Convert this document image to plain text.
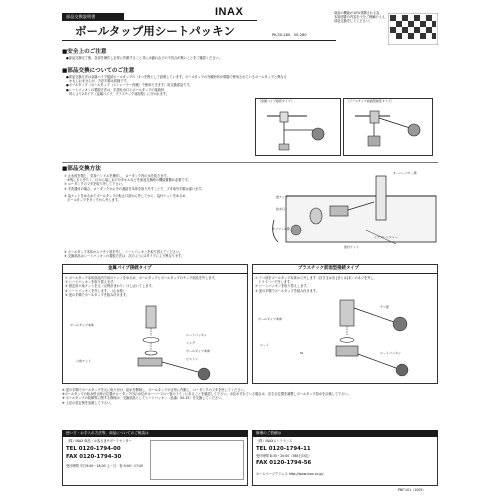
部品交換説明書	INAX
ボールタップ用シートパッキン	PK-50-280、50-280
商品の機能が10%発揮される為、
本説明書の内容を十分ご理解のうえ、
部品交換をしてください。
■安全上のご注意
●部品交換完了後、各部を操作し正常に作動すること共に水漏れなどの不具合が無いことをご確認ください。
■部品交換についてのご注意
●部品交換方法は金属パイプ接続ボールタップの（1つを例として説明しています。ボールタップの外観形状が現場で使用されているボールタップと異なる
　かもしれませんが、方法手順は同様です。
●ボールタップ（ボールタップ（ストレーナー内蔵）で使用できます）用交換部品です。
●シートパッキンの着脱方法は、手洗吐水口とボールタップの接続材
　料により2タイプ（金属パイプ、プラスチック前面型）に分かれます。
［金属パイプ接続タイプ］	［プラスチック前面型接続タイプ］
■部品交換方法
① 止水栓を閉じ、気持ハンドルを操作し、ロータンク内の水を抜きます。
　※残しると冷たく、口から接しものやタオルなどを部品交換時の機能置側が必要です。
② ロータンクのフタを取り外して下さい。
③ 手洗器付の場合、ロータンクから中の連結を本体を取り外すことで、フタ取外手順は違います。
③ 袋ナットをゆるめてボールタップの転止口部から外してから、袋付ナットをゆるめ、
　ボールタップをタンクから外します。
オーバーフロー管
袋ナット
給水口
サブフィル管
リアフレッシャー
袋付ナット
④ ボールタップ本体からナモリ部を外し、シートパッキンを取り替えてください。
⑤ 交換部品はシートパッキンの着脱方法は、次のように2タイプにより異なります。
金属パイプ接続タイプ
① ボールタップ本体部品内方向のナットをゆるめ、ボールタップとボールタップのチップ部品を外します。
② シートパッキンを取り替えます。
③ 固定用六角ナットを元（反時計まわり）けしばいてします。
④ シートパッキンを外します。（止水栓）
⑤ 逆の手順でボールタップを組み付けます。
ボールタップ本体
シートパッキン
リング
六角ナット
ボールタップ本体
ピストン
プラスチック前面型接続タイプ
① テコ部をボールタップ本体から外します（浮き玉は各 [まとは]本）のネジを外し、
　ドライバーで外します。
② シートパッキンを取り替えします。
③ 逆の手順でボールタップを組み付けます。
ボールタップ本体
テコ部
シート
Ta	シートパッキン
⑥ 逆の手順でボールタップを元に取り付け、給水を開始し、ボールタップが正常に作動し、ロータンクのフタを戻してください。
※ボールタップの給水停止時の位置がロータンク内の水位がオーバーフロー管のラインにあることを確認して下さい。水位がずれている場合は、浮き玉位置を調整しボールタップ給水を点検して下さい。
※ ボールタップの故障等に関する修理は、交換部品としてシートパッキン（品番：50-15）を交換してください。
※ 上記の設定例を参照して下さい。
使い方・お手入れ方法等、商品についてのご相談は
（株）INAX 商品・お客さまサポートセンター
TEL 0120-1794-00
FAX 0120-1794-30
受付時間 平日9:00〜18:00 土・日・祝 9:00〜17:00
修理のご依頼は
（株）INAXメンテナンス
TEL 0120-1794-11
受付時間 8:30〜20:00（365日対応）
FAX 0120-1794-56
ホームページアドレス http://www.inax.co.jp/
PNF'101（1005）
